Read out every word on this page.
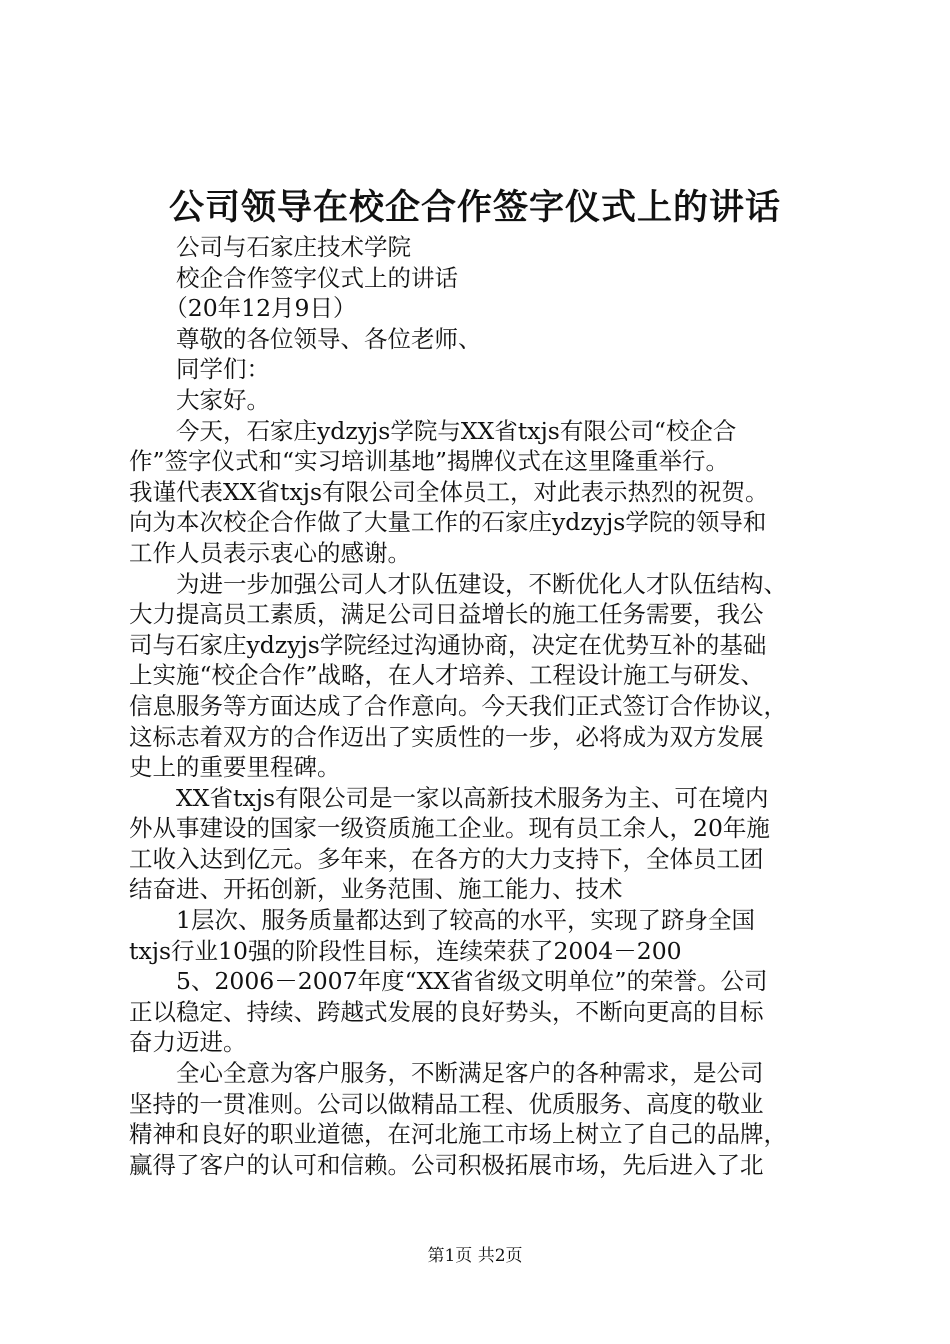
公司领导在校企合作签字仪式上的讲话
　　公司与石家庄技术学院
　　校企合作签字仪式上的讲话
　　（20年12月9日）
　　尊敬的各位领导、各位老师、
　　同学们：
　　大家好。
　　今天，石家庄ydzyjs学院与XX省txjs有限公司“校企合
作”签字仪式和“实习培训基地”揭牌仪式在这里隆重举行。
我谨代表XX省txjs有限公司全体员工，对此表示热烈的祝贺。
向为本次校企合作做了大量工作的石家庄ydzyjs学院的领导和
工作人员表示衷心的感谢。
　　为进一步加强公司人才队伍建设，不断优化人才队伍结构、
大力提高员工素质，满足公司日益增长的施工任务需要，我公
司与石家庄ydzyjs学院经过沟通协商，决定在优势互补的基础
上实施“校企合作”战略，在人才培养、工程设计施工与研发、
信息服务等方面达成了合作意向。今天我们正式签订合作协议，
这标志着双方的合作迈出了实质性的一步，必将成为双方发展
史上的重要里程碑。
　　XX省txjs有限公司是一家以高新技术服务为主、可在境内
外从事建设的国家一级资质施工企业。现有员工余人，20年施
工收入达到亿元。多年来，在各方的大力支持下，全体员工团
结奋进、开拓创新，业务范围、施工能力、技术
　　1层次、服务质量都达到了较高的水平，实现了跻身全国
txjs行业10强的阶段性目标，连续荣获了2004－200
　　5、2006－2007年度“XX省省级文明单位”的荣誉。公司
正以稳定、持续、跨越式发展的良好势头，不断向更高的目标
奋力迈进。
　　全心全意为客户服务，不断满足客户的各种需求，是公司
坚持的一贯准则。公司以做精品工程、优质服务、高度的敬业
精神和良好的职业道德，在河北施工市场上树立了自己的品牌，
赢得了客户的认可和信赖。公司积极拓展市场，先后进入了北
第1页 共2页
